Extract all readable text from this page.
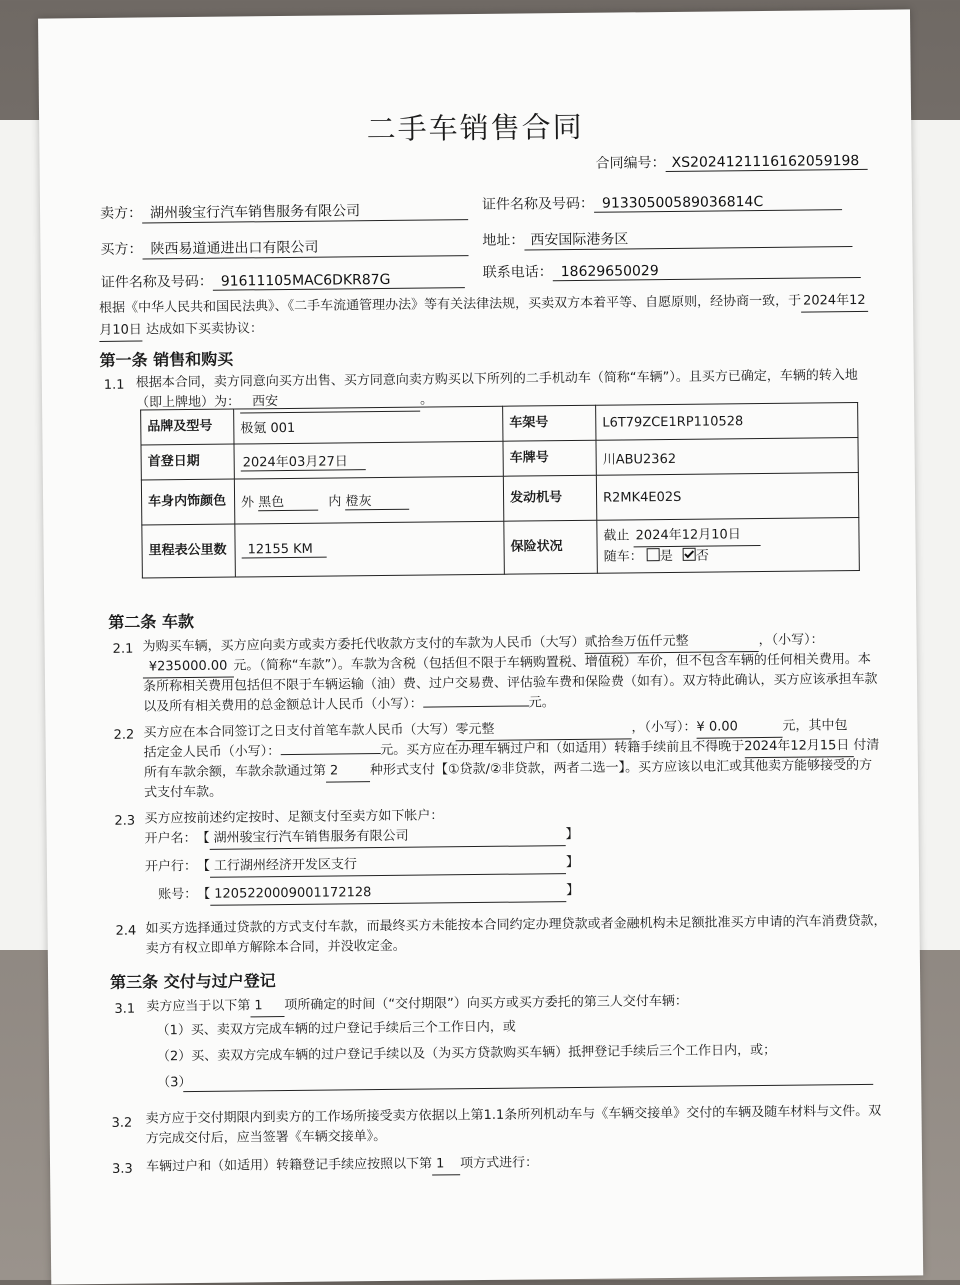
二手车销售合同
合同编号： XS20241211161620591​98
卖方： 湖州骏宝行汽车销售服务有限公司	证件名称及号码： 91330500589036814C
买方： 陕西易道通进出口有限公司	地址： 西安国际港务区
证件名称及号码： 91611105MAC6DKR87G	联系电话： 18629650029
根据《中华人民共和国民法典》、《二手车流通管理办法》等有关法律法规，买卖双方本着平等、自愿原则，经协商一致，于 2024年12
月10日 达成如下买卖协议：
第一条 销售和购买
1.1 根据本合同，卖方同意向买方出售、买方同意向卖方购买以下所列的二手机动车（简称“车辆”）。且买方已确定，车辆的转入地
（即上牌地）为： 西安	。
品牌及型号	极氪 001	车架号	L6T79ZCE1RP110528
首登日期	2024年03月27日	车牌号	川ABU2362
车身内饰颜色	外 黑色 内 橙灰	发动机号	R2MK4E02S
里程表公里数	12155 KM	保险状况	截止 2024年12月10日
随车： 是 否
第二条 车款
2.1 为购买车辆，买方应向卖方或卖方委托代收款方支付的车款为人民币（大写）贰拾叁万伍仟元整	，（小写）：
¥235000.00 元。（简称“车款”）。车款为含税（包括但不限于车辆购置税、增值税）车价，但不包含车辆的任何相关费用。本
条所称相关费用包括但不限于车辆运输（油）费、过户交易费、评估验车费和保险费（如有）。双方特此确认，买方应该承担车款
以及所有相关费用的总金额总计人民币（小写）：	元。
2.2 买方应在本合同签订之日支付首笔车款人民币（大写）零元整	，（小写）：¥ 0.00	元，其中包
括定金人民币（小写）：	元。买方应在办理车辆过户和（如适用）转籍手续前且不得晚于2024年12月15日 付清
所有车款余额，车款余款通过第 2 种形式支付【①贷款/②非贷款，两者二选一】。买方应该以电汇或其他卖方能够接受的方
式支付车款。
2.3 买方应按前述约定按时、足额支付至卖方如下帐户：
开户名：【 湖州骏宝行汽车销售服务有限公司	】
开户行：【 工行湖州经济开发区支行	】
账号：【 1205220009001172128	】
2.4 如买方选择通过贷款的方式支付车款，而最终买方未能按本合同约定办理贷款或者金融机构未足额批准买方申请的汽车消费贷款，
卖方有权立即单方解除本合同，并没收定金。
第三条 交付与过户登记
3.1 卖方应当于以下第 1 项所确定的时间（“交付期限”）向买方或买方委托的第三人交付车辆：
（1）买、卖双方完成车辆的过户登记手续后三个工作日内，或
（2）买、卖双方完成车辆的过户登记手续以及（为买方贷款购买车辆）抵押登记手续后三个工作日内，或；
（3）
3.2 卖方应于交付期限内到卖方的工作场所接受卖方依据以上第1.1条所列机动车与《车辆交接单》交付的车辆及随车材料与文件。双
方完成交付后，应当签署《车辆交接单》。
3.3 车辆过户和（如适用）转籍登记手续应按照以下第 1 项方式进行：
